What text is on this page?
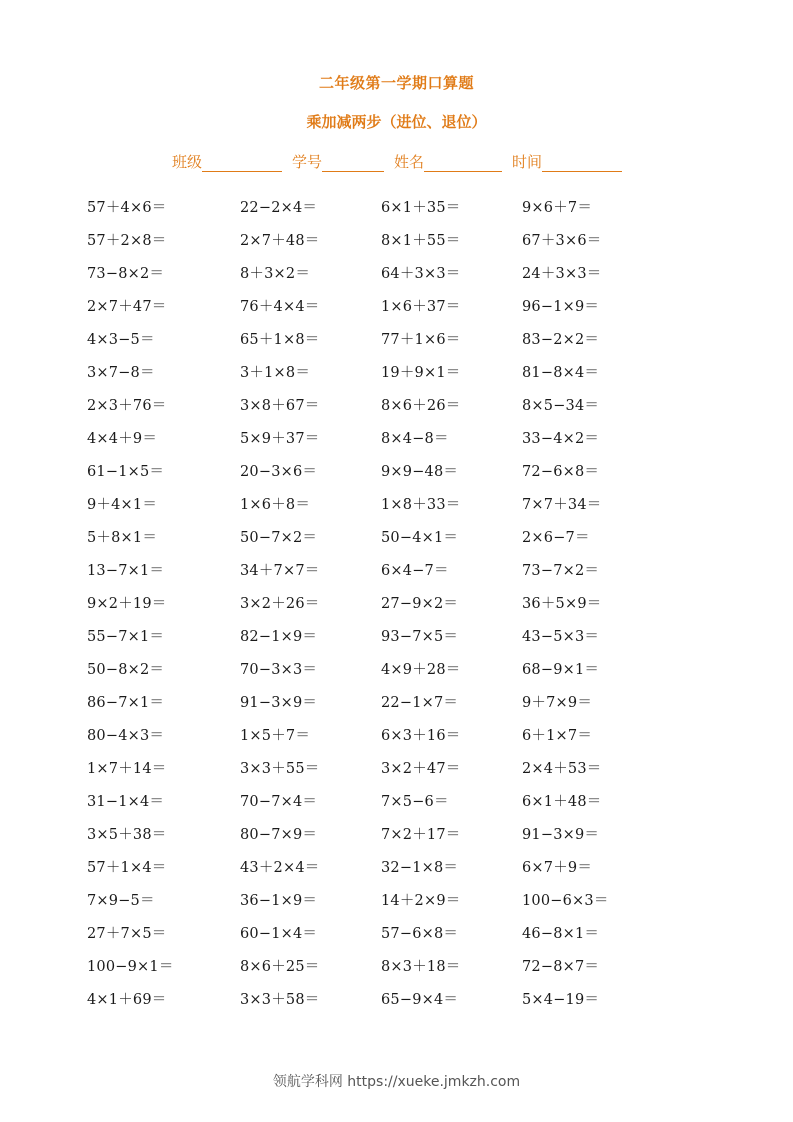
二年级第一学期口算题
乘加减两步（进位、退位）
班级	学号	姓名	时间
57＋4×6＝	22−2×4＝	6×1＋35＝	9×6＋7＝
57＋2×8＝	2×7＋48＝	8×1＋55＝	67＋3×6＝
73−8×2＝	8＋3×2＝	64＋3×3＝	24＋3×3＝
2×7＋47＝	76＋4×4＝	1×6＋37＝	96−1×9＝
4×3−5＝	65＋1×8＝	77＋1×6＝	83−2×2＝
3×7−8＝	3＋1×8＝	19＋9×1＝	81−8×4＝
2×3＋76＝	3×8＋67＝	8×6＋26＝	8×5−34＝
4×4＋9＝	5×9＋37＝	8×4−8＝	33−4×2＝
61−1×5＝	20−3×6＝	9×9−48＝	72−6×8＝
9＋4×1＝	1×6＋8＝	1×8＋33＝	7×7＋34＝
5＋8×1＝	50−7×2＝	50−4×1＝	2×6−7＝
13−7×1＝	34＋7×7＝	6×4−7＝	73−7×2＝
9×2＋19＝	3×2＋26＝	27−9×2＝	36＋5×9＝
55−7×1＝	82−1×9＝	93−7×5＝	43−5×3＝
50−8×2＝	70−3×3＝	4×9＋28＝	68−9×1＝
86−7×1＝	91−3×9＝	22−1×7＝	9＋7×9＝
80−4×3＝	1×5＋7＝	6×3＋16＝	6＋1×7＝
1×7＋14＝	3×3＋55＝	3×2＋47＝	2×4＋53＝
31−1×4＝	70−7×4＝	7×5−6＝	6×1＋48＝
3×5＋38＝	80−7×9＝	7×2＋17＝	91−3×9＝
57＋1×4＝	43＋2×4＝	32−1×8＝	6×7＋9＝
7×9−5＝	36−1×9＝	14＋2×9＝	100−6×3＝
27＋7×5＝	60−1×4＝	57−6×8＝	46−8×1＝
100−9×1＝	8×6＋25＝	8×3＋18＝	72−8×7＝
4×1＋69＝	3×3＋58＝	65−9×4＝	5×4−19＝
领航学科网 https://xueke.jmkzh.com
